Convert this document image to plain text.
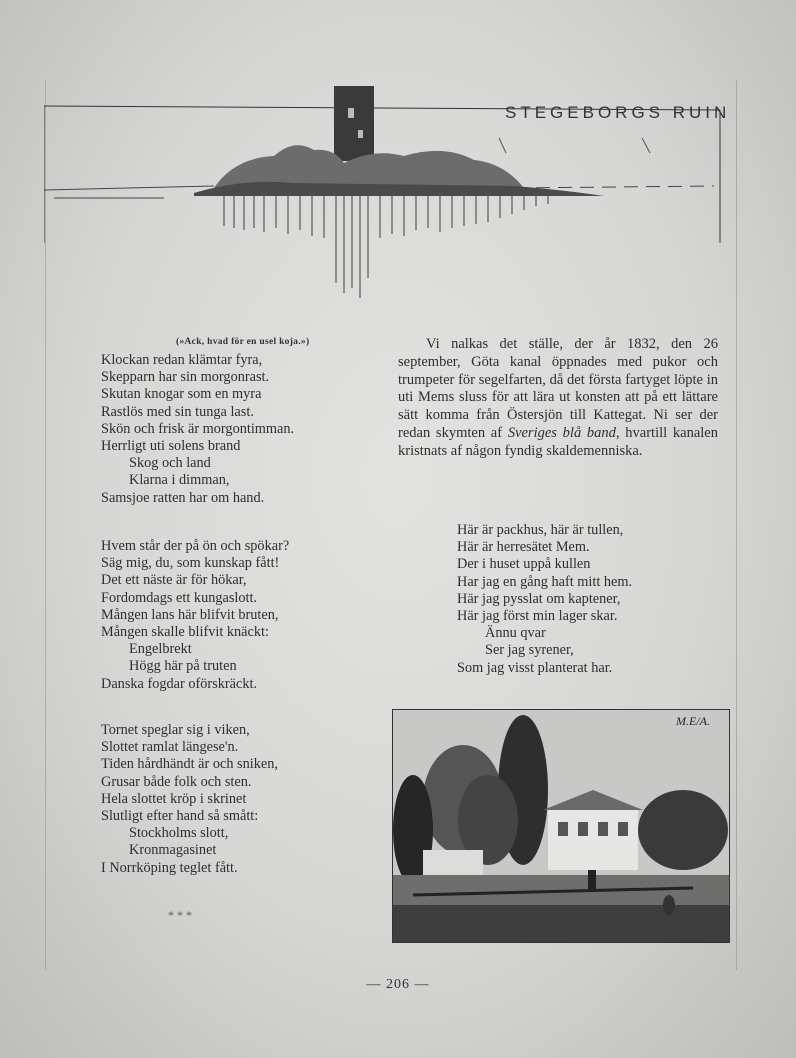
STEGEBORGS RUIN
(»Ack, hvad för en usel koja.»)
Klockan redan klämtar fyra,
Skepparn har sin morgonrast.
Skutan knogar som en myra
Rastlös med sin tunga last.
Skön och frisk är morgontimman.
Herrligt uti solens brand
Skog och land
Klarna i dimman,
Samsjoe ratten har om hand.
Hvem står der på ön och spökar?
Säg mig, du, som kunskap fått!
Det ett näste är för hökar,
Fordomdags ett kungaslott.
Mången lans här blifvit bruten,
Mången skalle blifvit knäckt:
Engelbrekt
Högg här på truten
Danska fogdar oförskräckt.
Tornet speglar sig i viken,
Slottet ramlat längese'n.
Tiden hårdhändt är och sniken,
Grusar både folk och sten.
Hela slottet kröp i skrinet
Slutligt efter hand så smått:
Stockholms slott,
Kronmagasinet
I Norrköping teglet fått.
* * *

Vi nalkas det ställe, der år 1832, den 26 september, Göta kanal öppnades med pukor och trumpeter för segelfarten, då det första fartyget löpte in uti Mems sluss för att lära ut konsten att på ett lättare sätt komma från Östersjön till Kattegat. Ni ser der redan skymten af Sveriges blå band, hvartill kanalen kristnats af någon fyndig skaldemenniska.

Här är packhus, här är tullen,
Här är herresätet Mem.
Der i huset uppå kullen
Har jag en gång haft mitt hem.
Här jag pysslat om kaptener,
Här jag först min lager skar.
Ännu qvar
Ser jag syrener,
Som jag visst planterat har.
M.E/A.
— 206 —
